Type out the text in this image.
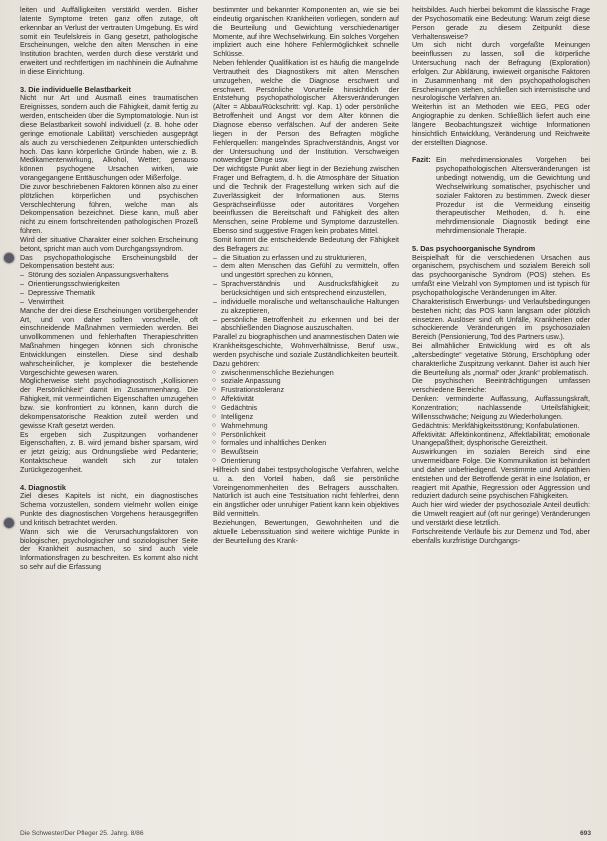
leiten und Auffälligkeiten verstärkt werden. Bisher latente Symptome treten ganz offen zutage, oft erkennbar an Verlust der vertrauten Umgebung. Es wird somit ein Teufelskreis in Gang gesetzt, pathologische Erscheinungen, welche den alten Menschen in eine Institution brachten, werden durch diese verstärkt und erweitert und rechtfertigen im nachhinein die Aufnahme in diese Einrichtung.

3. Die individuelle Belastbarkeit

Nicht nur Art und Ausmaß eines traumatischen Ereignisses, sondern auch die Fähigkeit, damit fertig zu werden, entscheiden über die Symptomatologie. Nun ist diese Belastbarkeit sowohl individuell (z. B. hohe oder geringe emotionale Labilität) verschieden ausgeprägt als auch zu verschiedenen Zeitpunkten unterschiedlich hoch. Das kann körperliche Gründe haben, wie z. B. Medikamentenwirkung, Alkohol, Wetter; genauso können psychogene Ursachen wirken, wie vorangegangene Enttäuschungen oder Mißerfolge.

Die zuvor beschriebenen Faktoren können also zu einer plötzlichen körperlichen und psychischen Verschlechterung führen, welche man als Dekompensation bezeichnet. Diese kann, muß aber nicht zu einem fortschreitenden pathologischen Prozeß führen.

Wird der situative Charakter einer solchen Erscheinung betont, spricht man auch vom Durchgangssyndrom.

Das psychopathologische Erscheinungsbild der Dekompensation besteht aus:

– Störung des sozialen Anpassungsverhaltens
– Orientierungsschwierigkeiten
– Depressive Thematik
– Verwirrtheit

Manche der drei diese Erscheinungen vorübergehender Art, und von daher sollten vorschnelle, oft einschneidende Maßnahmen vermieden werden. Bei unvollkommenen und fehlerhaften Therapieschritten Maßnahmen hingegen können sich chronische Entwicklungen einstellen. Diese sind deshalb wahrscheinlicher, je komplexer die bestehende Vorgeschichte gewesen waren.

Möglicherweise steht psychodiagnostisch „Kollisionen der Persönlichkeit“ damit im Zusammenhang. Die Fähigkeit, mit vermeintlichen Eigenschaften umzugehen bzw. sie konfrontiert zu können, kann durch die dekompensatorische Reaktion zuteil werden und gewisse Kraft gesetzt werden.

Es ergeben sich Zuspitzungen vorhandener Eigenschaften, z. B. wird jemand bisher sparsam, wird er jetzt geizig; aus Ordnungsliebe wird Pedanterie; Kontaktscheue wandelt sich zur totalen Zurückgezogenheit.

4. Diagnostik

Ziel dieses Kapitels ist nicht, ein diagnostisches Schema vorzustellen, sondern vielmehr wollen einige Punkte des diagnostischen Vorgehens herausgegriffen und kritisch betrachtet werden.

Wann sich wie die Verursachungsfaktoren von biologischer, psychologischer und soziologischer Seite der Krankheit ausmachen, so sind auch viele Informationsfragen zu beschreiten. Es kommt also nicht so sehr auf die Erfassung

bestimmter und bekannter Komponenten an, wie sie bei eindeutig organischen Krankheiten vorliegen, sondern auf die Beurteilung und Gewichtung verschiedenartiger Momente, auf ihre Wechselwirkung. Ein solches Vorgehen impliziert auch eine höhere Fehlermöglichkeit schnelle Schlüsse.

Neben fehlender Qualifikation ist es häufig die mangelnde Vertrautheit des Diagnostikers mit alten Menschen umzugehen, welche die Diagnose erschwert und erschwert. Persönliche Vorurteile hinsichtlich der Entstehung psychopathologischer Altersveränderungen (Alter = Abbau/Rückschritt: vgl. Kap. 1) oder persönliche Betroffenheit und Angst vor dem Alter können die Diagnose ebenso verfälschen. Auf der anderen Seite liegen in der Person des Befragten mögliche Fehlerquellen: mangelndes Sprachverständnis, Angst vor der Untersuchung und der Institution. Verschweigen notwendiger Dinge usw.

Der wichtigste Punkt aber liegt in der Beziehung zwischen Frager und Befragtem, d. h. die Atmosphäre der Situation und die Technik der Fragestellung wirken sich auf die Zuverlässigkeit der Informationen aus. Sterns Gesprächseinflüsse oder autoritäres Vorgehen beeinflussen die Bereitschaft und Fähigkeit des alten Menschen, seine Probleme und Symptome darzustellen. Ebenso sind suggestive Fragen kein probates Mittel.

Somit kommt die entscheidende Bedeutung der Fähigkeit des Befragers zu:

– die Situation zu erfassen und zu strukturieren,
– dem alten Menschen das Gefühl zu vermitteln, offen und ungestört sprechen zu können,
– Sprachverständnis und Ausdrucksfähigkeit zu berücksichtigen und sich entsprechend einzustellen,
– individuelle moralische und weltanschauliche Haltungen zu akzeptieren,
– persönliche Betroffenheit zu erkennen und bei der abschließenden Diagnose auszuschalten.

Parallel zu biographischen und anamnestischen Daten wie Krankheitsgeschichte, Wohnverhältnisse, Beruf usw., werden psychische und soziale Zuständlichkeiten beurteilt. Dazu gehören:

○ zwischenmenschliche Beziehungen
○ soziale Anpassung
○ Frustrationstoleranz
○ Affektivität
○ Gedächtnis
○ Intelligenz
○ Wahrnehmung
○ Persönlichkeit
○ formales und inhaltliches Denken
○ Bewußtsein
○ Orientierung

Hilfreich sind dabei testpsychologische Verfahren, welche u. a. den Vorteil haben, daß sie persönliche Voreingenommenheiten des Befragers ausschalten. Natürlich ist auch eine Testsituation nicht fehlerfrei, denn ein ängstlicher oder unruhiger Patient kann kein objektives Bild vermitteln.

Beziehungen, Bewertungen, Gewohnheiten und die aktuelle Lebenssituation sind weitere wichtige Punkte in der Beurteilung des Krank-

heitsbildes. Auch hierbei bekommt die klassische Frage der Psychosomatik eine Bedeutung: Warum zeigt diese Person gerade zu diesem Zeitpunkt diese Verhaltensweise?

Um sich nicht durch vorgefaßte Meinungen beeinflussen zu lassen, soll die körperliche Untersuchung nach der Befragung (Exploration) erfolgen. Zur Abklärung, inwieweit organische Faktoren in Zusammenhang mit den psychopathologischen Erscheinungen stehen, schließen sich internistische und neurologische Verfahren an.

Weiterhin ist an Methoden wie EEG, PEG oder Angiographie zu denken. Schließlich liefert auch eine längere Beobachtungszeit wichtige Informationen hinsichtlich Entwicklung, Veränderung und Reichweite der erstellten Diagnose.

Fazit: Ein mehrdimensionales Vorgehen bei psychopathologischen Altersveränderungen ist unbedingt notwendig, um die Gewichtung und Wechselwirkung somatischer, psychischer und sozialer Faktoren zu bestimmen. Zweck dieser Prozedur ist die Vermeidung einseitig therapeutischer Methoden, d. h. eine mehrdimensionale Diagnostik bedingt eine mehrdimensionale Therapie.
5. Das psychoorganische Syndrom

Beispielhaft für die verschiedenen Ursachen aus organischem, psychischem und sozialem Bereich soll das psychoorganische Syndrom (POS) stehen. Es umfaßt eine Vielzahl von Symptomen und ist typisch für psychopathologische Veränderungen im Alter.

Charakteristisch Erwerbungs- und Verlaufsbedingungen bestehen nicht; das POS kann langsam oder plötzlich einsetzen. Auslöser sind oft Unfälle, Krankheiten oder schockierende Veränderungen im psychosozialen Bereich (Pensionierung, Tod des Partners usw.).

Bei allmählicher Entwicklung wird es oft als „altersbedingte“ vegetative Störung, Erschöpfung oder charakterliche Zuspitzung verkannt. Daher ist auch hier die Beurteilung als „normal“ oder „krank“ problematisch.

Die psychischen Beeinträchtigungen umfassen verschiedene Bereiche:

Denken: verminderte Auffassung, Auffassungskraft, Konzentration; nachlassende Urteilsfähigkeit; Willensschwäche; Neigung zu Wiederholungen.

Gedächtnis: Merkfähigkeitsstörung; Konfabulationen.

Affektivität: Affektinkontinenz, Affektlabilität; emotionale Unangepaßtheit; dysphorische Gereiztheit.

Auswirkungen im sozialen Bereich sind eine unvermeidbare Folge. Die Kommunikation ist behindert und daher unbefriedigend. Verstimmte und Antipathien entstehen und der Betroffende gerät in eine Isolation, er reagiert mit Apathie, Regression oder Aggression und reduziert dadurch seine psychischen Fähigkeiten.

Auch hier wird wieder der psychosoziale Anteil deutlich: die Umwelt reagiert auf (oft nur geringe) Veränderungen und verstärkt diese letztlich.

Fortschreitende Verläufe bis zur Demenz und Tod, aber ebenfalls kurzfristige Durchgangs-

Die Schwester/Der Pfleger 25. Jahrg. 8/86	693
